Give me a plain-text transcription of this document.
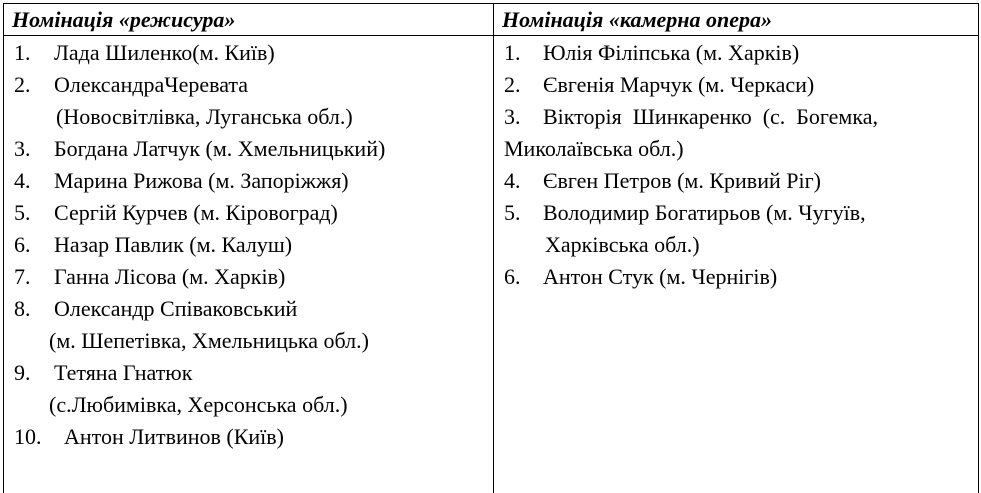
Номінація «режисура»
1. Лада Шиленко(м. Київ)
2. ОлександраЧеревата
(Новосвітлівка, Луганська обл.)
3. Богдана Латчук (м. Хмельницький)
4. Марина Рижова (м. Запоріжжя)
5. Сергій Курчев (м. Кіровоград)
6. Назар Павлик (м. Калуш)
7. Ганна Лісова (м. Харків)
8. Олександр Співаковський
(м. Шепетівка, Хмельницька обл.)
9. Тетяна Гнатюк
(с.Любимівка, Херсонська обл.)
10. Антон Литвинов (Київ)
Номінація «камерна опера»
1. Юлія Філіпська (м. Харків)
2. Євгенія Марчук (м. Черкаси)
3. Вікторія  Шинкаренко  (с.  Богемка,
Миколаївська обл.)
4. Євген Петров (м. Кривий Ріг)
5. Володимир Богатирьов (м. Чугуїв,
Харківська обл.)
6. Антон Стук (м. Чернігів)
